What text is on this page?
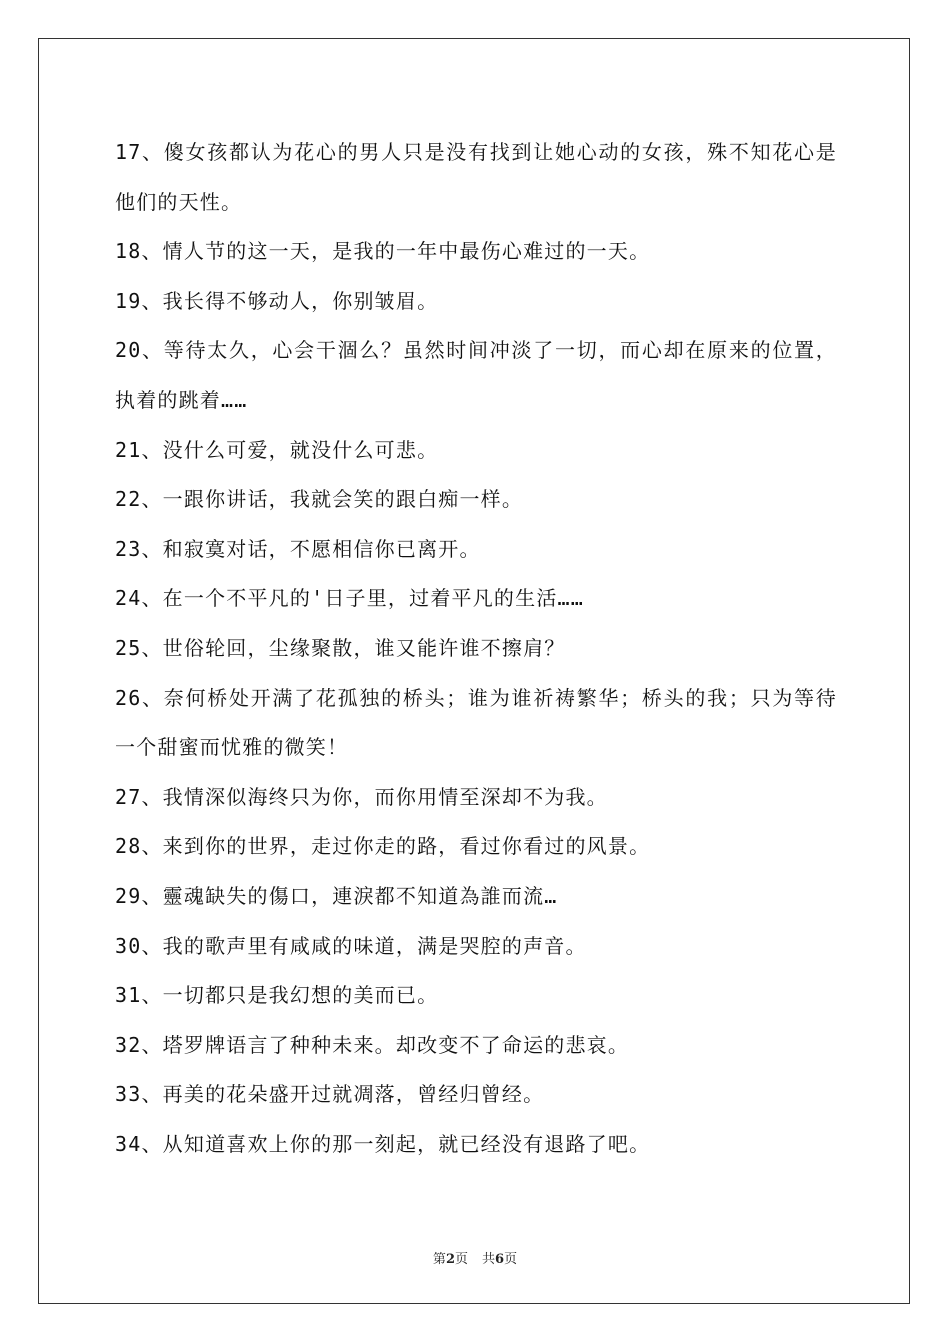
17、傻女孩都认为花心的男人只是没有找到让她心动的女孩，殊不知花心是他们的天性。

18、情人节的这一天，是我的一年中最伤心难过的一天。

19、我长得不够动人，你别皱眉。

20、等待太久，心会干涸么？虽然时间冲淡了一切，而心却在原来的位置，执着的跳着……

21、没什么可爱，就没什么可悲。

22、一跟你讲话，我就会笑的跟白痴一样。

23、和寂寞对话，不愿相信你已离开。

24、在一个不平凡的'日子里，过着平凡的生活……

25、世俗轮回，尘缘聚散，谁又能许谁不擦肩？

26、奈何桥处开满了花孤独的桥头；谁为谁祈祷繁华；桥头的我；只为等待一个甜蜜而忧雅的微笑！

27、我情深似海终只为你，而你用情至深却不为我。

28、来到你的世界，走过你走的路，看过你看过的风景。

29、靈魂缺失的傷口，連淚都不知道為誰而流…

30、我的歌声里有咸咸的味道，满是哭腔的声音。

31、一切都只是我幻想的美而已。

32、塔罗牌语言了种种未来。却改变不了命运的悲哀。

33、再美的花朵盛开过就凋落，曾经归曾经。

34、从知道喜欢上你的那一刻起，就已经没有退路了吧。

第2页 共6页
